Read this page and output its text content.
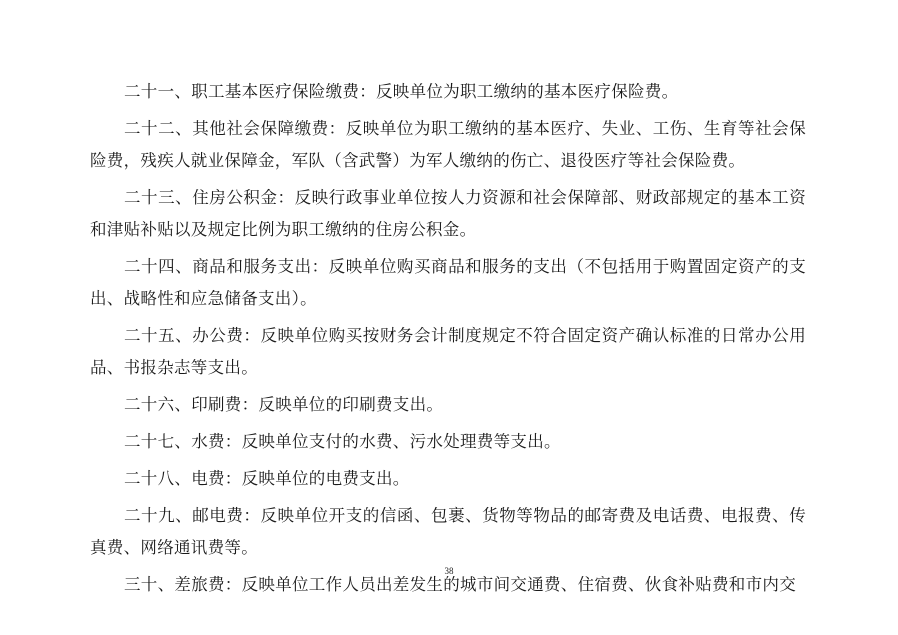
二十一、职工基本医疗保险缴费：反映单位为职工缴纳的基本医疗保险费。

二十二、其他社会保障缴费：反映单位为职工缴纳的基本医疗、失业、工伤、生育等社会保险费，残疾人就业保障金，军队（含武警）为军人缴纳的伤亡、退役医疗等社会保险费。

二十三、住房公积金：反映行政事业单位按人力资源和社会保障部、财政部规定的基本工资和津贴补贴以及规定比例为职工缴纳的住房公积金。

二十四、商品和服务支出：反映单位购买商品和服务的支出（不包括用于购置固定资产的支出、战略性和应急储备支出）。

二十五、办公费：反映单位购买按财务会计制度规定不符合固定资产确认标准的日常办公用品、书报杂志等支出。

二十六、印刷费：反映单位的印刷费支出。

二十七、水费：反映单位支付的水费、污水处理费等支出。

二十八、电费：反映单位的电费支出。

二十九、邮电费：反映单位开支的信函、包裹、货物等物品的邮寄费及电话费、电报费、传真费、网络通讯费等。

三十、差旅费：反映单位工作人员出差发生的城市间交通费、住宿费、伙食补贴费和市内交

38
